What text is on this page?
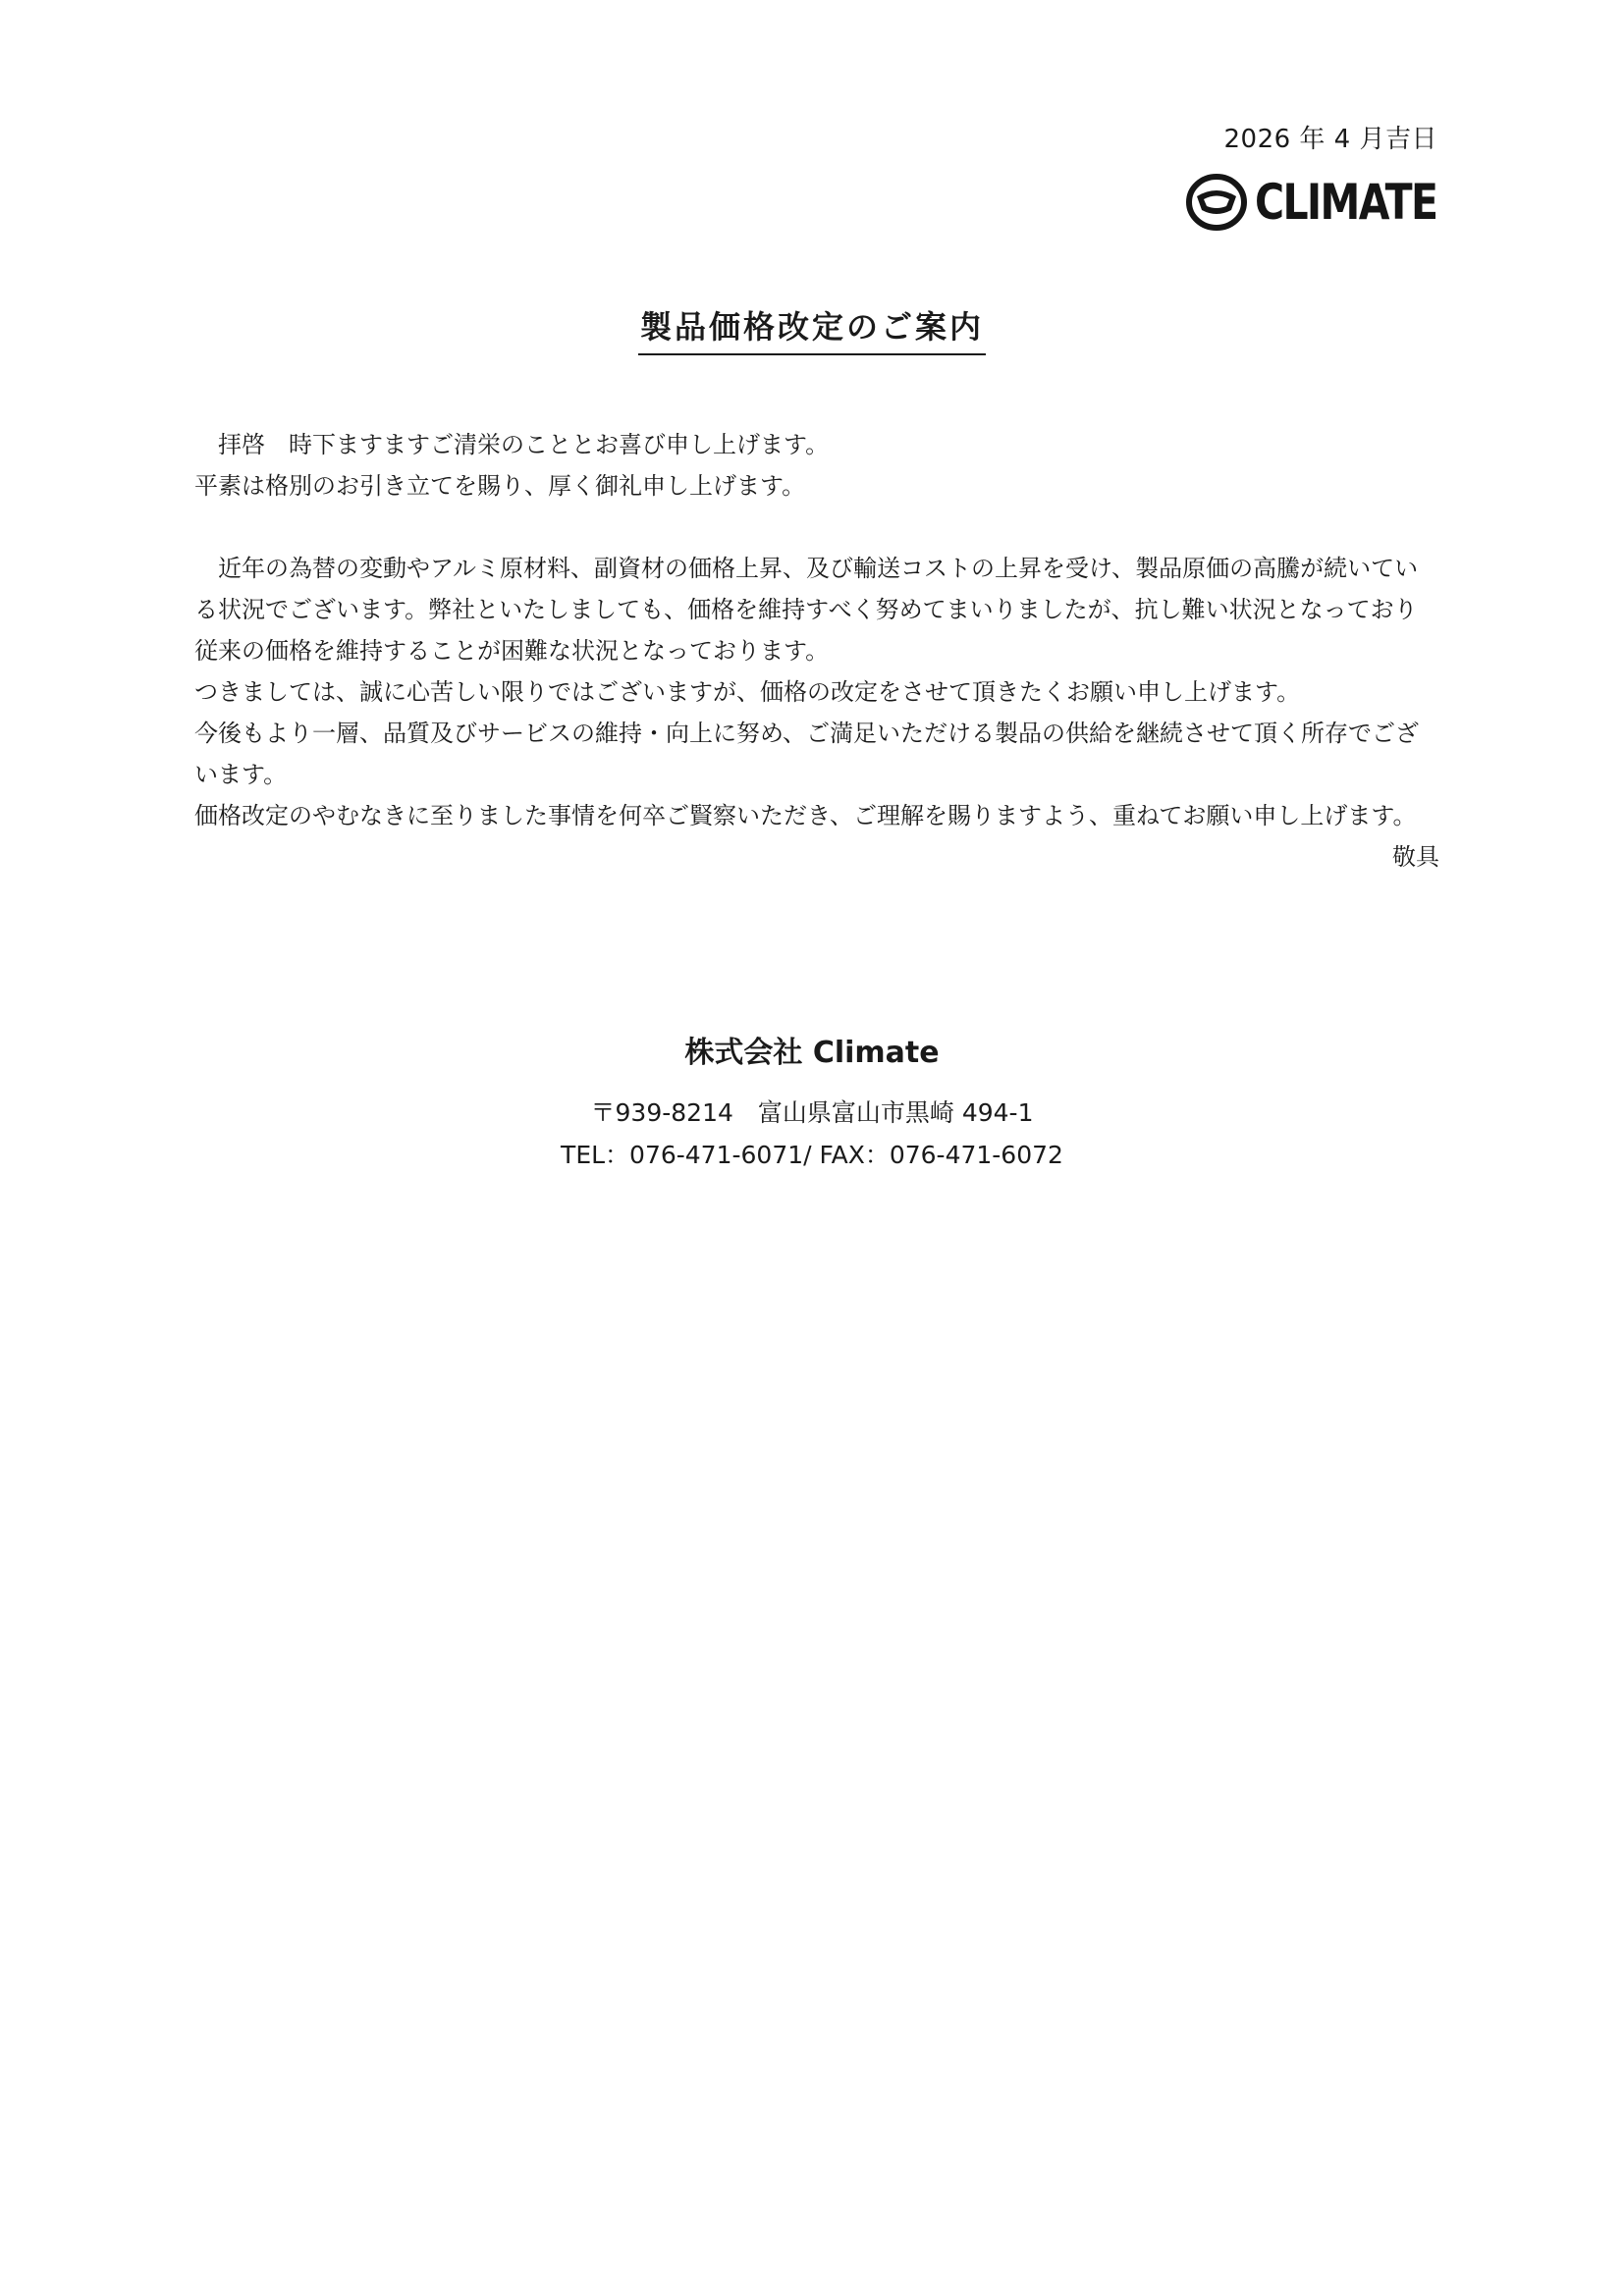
2026 年 4 月吉日
CLIMATE
製品価格改定のご案内

拝啓　時下ますますご清栄のこととお喜び申し上げます。

平素は格別のお引き立てを賜り、厚く御礼申し上げます。

近年の為替の変動やアルミ原材料、副資材の価格上昇、及び輸送コストの上昇を受け、製品原価の高騰が続いている状況でございます。弊社といたしましても、価格を維持すべく努めてまいりましたが、抗し難い状況となっており従来の価格を維持することが困難な状況となっております。

つきましては、誠に心苦しい限りではございますが、価格の改定をさせて頂きたくお願い申し上げます。

今後もより一層、品質及びサービスの維持・向上に努め、ご満足いただける製品の供給を継続させて頂く所存でございます。

価格改定のやむなきに至りました事情を何卒ご賢察いただき、ご理解を賜りますよう、重ねてお願い申し上げます。

敬具

株式会社 Climate
〒939-8214　富山県富山市黒崎 494-1
TEL：076-471-6071/ FAX：076-471-6072
